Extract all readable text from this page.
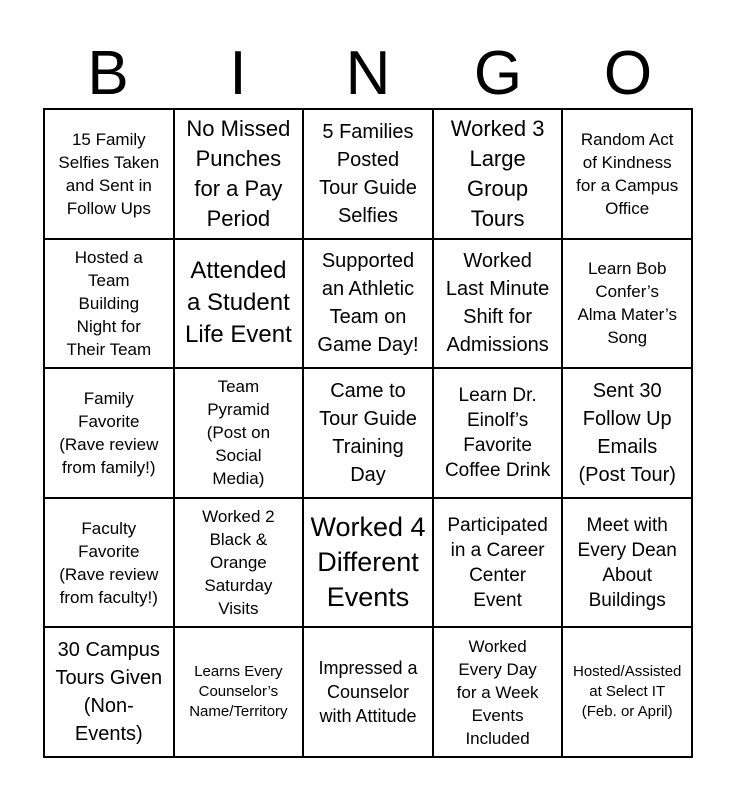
B	I	N	G	O
15 Family
Selfies Taken
and Sent in
Follow Ups
No Missed
Punches
for a Pay
Period
5 Families
Posted
Tour Guide
Selfies
Worked 3
Large
Group
Tours
Random Act
of Kindness
for a Campus
Office
Hosted a
Team
Building
Night for
Their Team
Attended
a Student
Life Event
Supported
an Athletic
Team on
Game Day!
Worked
Last Minute
Shift for
Admissions
Learn Bob
Confer’s
Alma Mater’s
Song
Family
Favorite
(Rave review
from family!)
Team
Pyramid
(Post on
Social
Media)
Came to
Tour Guide
Training
Day
Learn Dr.
Einolf’s
Favorite
Coffee Drink
Sent 30
Follow Up
Emails
(Post Tour)
Faculty
Favorite
(Rave review
from faculty!)
Worked 2
Black &
Orange
Saturday
Visits
Worked 4
Different
Events
Participated
in a Career
Center
Event
Meet with
Every Dean
About
Buildings
30 Campus
Tours Given
(Non-
Events)
Learns Every
Counselor’s
Name/Territory
Impressed a
Counselor
with Attitude
Worked
Every Day
for a Week
Events
Included
Hosted/Assisted
at Select IT
(Feb. or April)
